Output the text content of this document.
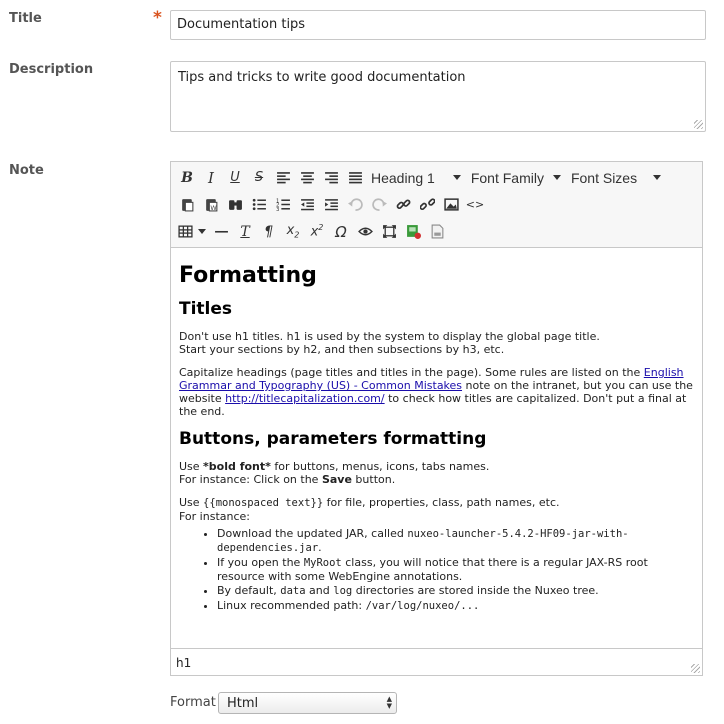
Title	*	Documentation tips
Description
Tips and tricks to write good documentation
Note	B I U S	Heading 1	Font Family Font Sizes
W
1
2
3	<>
T ¶ $x_2$ $x^2$ Ω
Formatting
Titles

Don't use h1 titles. h1 is used by the system to display the global page title.
Start your sections by h2, and then subsections by h3, etc.

Capitalize headings (page titles and titles in the page). Some rules are listed on the English Grammar and Typography (US) - Common Mistakes note on the intranet, but you can use the website http://titlecapitalization.com/ to check how titles are capitalized. Don't put a final at the end.

Buttons, parameters formatting

Use *bold font* for buttons, menus, icons, tabs names.
For instance: Click on the Save button.

Use {{monospaced text}} for file, properties, class, path names, etc.
For instance:

• Download the updated JAR, called nuxeo-launcher-5.4.2-HF09-jar-with-dependencies.jar.
• If you open the MyRoot class, you will notice that there is a regular JAX-RS root resource with some WebEngine annotations.
• By default, data and log directories are stored inside the Nuxeo tree.
• Linux recommended path: /var/log/nuxeo/...
h1
Format Html	▲
▼
